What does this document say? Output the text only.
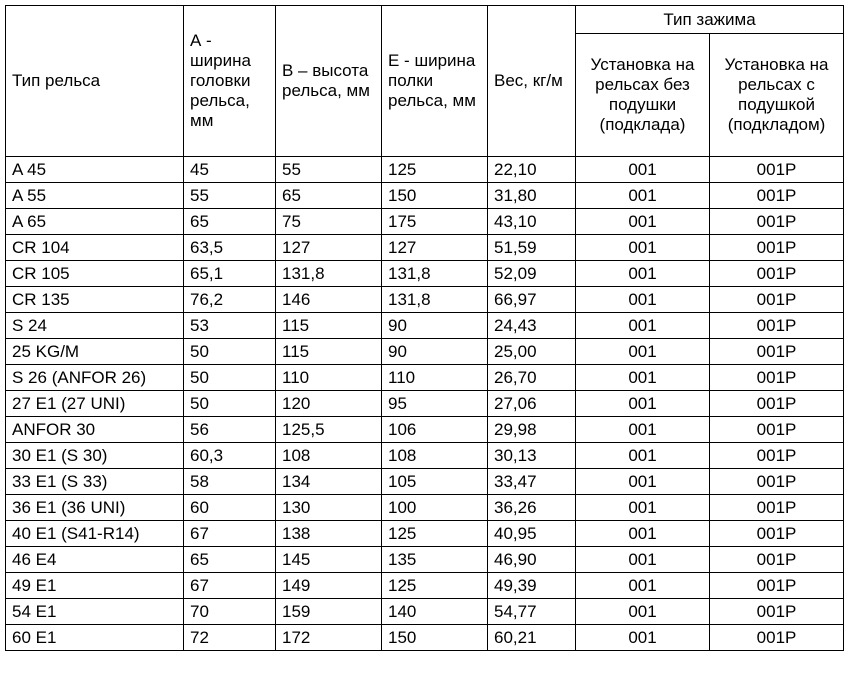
Тип рельса	А - ширина головки рельса, мм	В – высота рельса, мм	Е - ширина полки рельса, мм	Вес, кг/м	Тип зажима	
					Установка на рельсах без подушки (подклада)	Установка на рельсах с подушкой (подкладом)
A 45	45	55	125	22,10	001	001P
A 55	55	65	150	31,80	001	001P
A 65	65	75	175	43,10	001	001P
CR 104	63,5	127	127	51,59	001	001P
CR 105	65,1	131,8	131,8	52,09	001	001P
CR 135	76,2	146	131,8	66,97	001	001P
S 24	53	115	90	24,43	001	001P
25 KG/M	50	115	90	25,00	001	001P
S 26 (ANFOR 26)	50	110	110	26,70	001	001P
27 E1 (27 UNI)	50	120	95	27,06	001	001P
ANFOR 30	56	125,5	106	29,98	001	001P
30 E1 (S 30)	60,3	108	108	30,13	001	001P
33 E1 (S 33)	58	134	105	33,47	001	001P
36 E1 (36 UNI)	60	130	100	36,26	001	001P
40 E1 (S41-R14)	67	138	125	40,95	001	001P
46 E4	65	145	135	46,90	001	001P
49 E1	67	149	125	49,39	001	001P
54 E1	70	159	140	54,77	001	001P
60 E1	72	172	150	60,21	001	001P
